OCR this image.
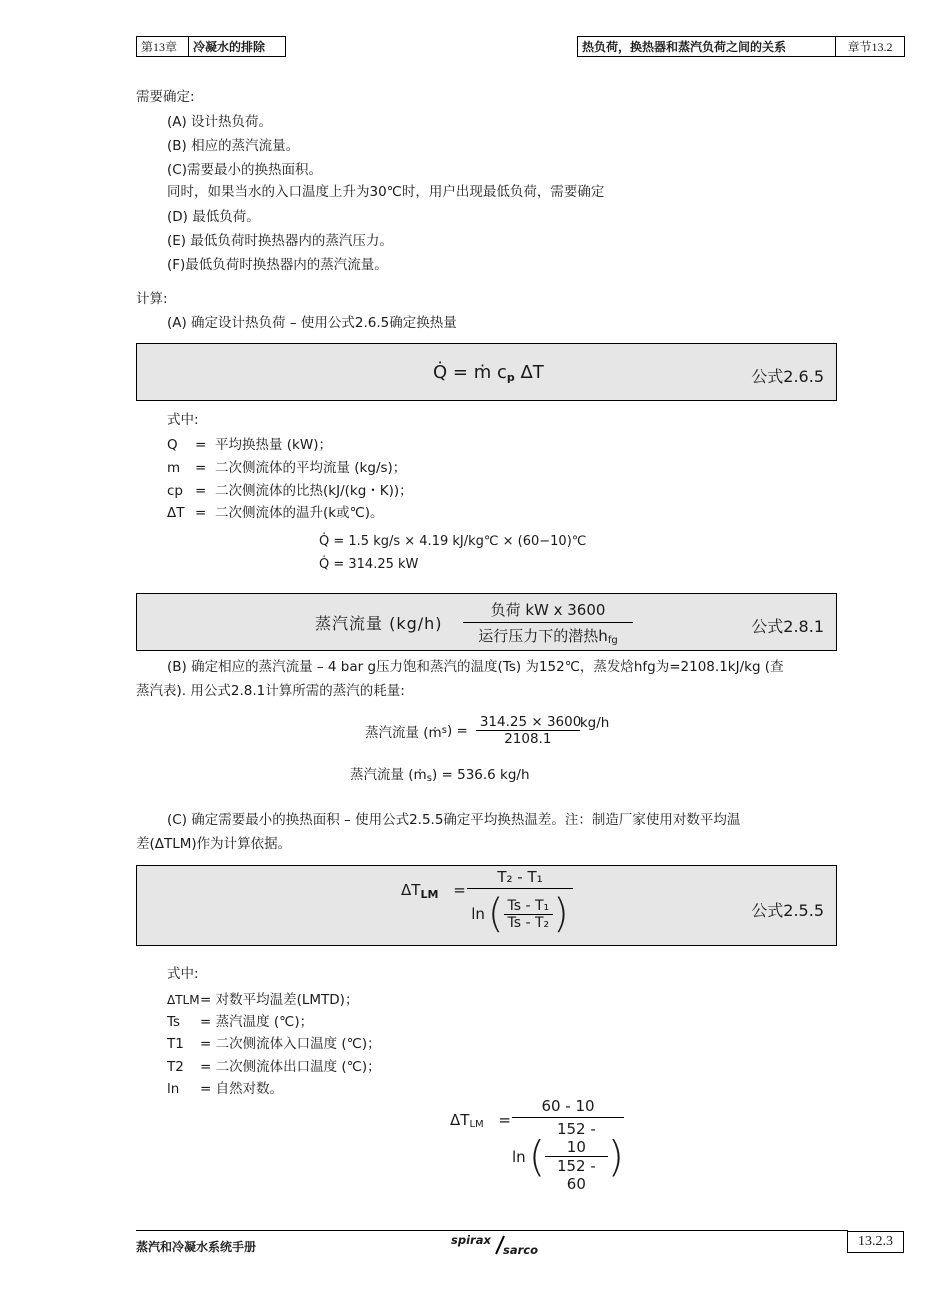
第13章	冷凝水的排除	热负荷，换热器和蒸汽负荷之间的关系	章节13.2
需要确定:
(A) 设计热负荷。
(B) 相应的蒸汽流量。
(C)需要最小的换热面积。
同时，如果当水的入口温度上升为30℃时，用户出现最低负荷，需要确定
(D) 最低负荷。
(E) 最低负荷时换热器内的蒸汽压力。
(F)最低负荷时换热器内的蒸汽流量。
计算:
(A) 确定设计热负荷 – 使用公式2.6.5确定换热量
Q̇ = ṁ cp ΔT	公式2.6.5
式中:
Q = 平均换热量 (kW)；
m = 二次侧流体的平均流量 (kg/s)；
cp = 二次侧流体的比热(kJ/(kg・K))；
ΔT = 二次侧流体的温升(k或℃)。
Q̇ = 1.5 kg/s × 4.19 kJ/kg℃ × (60−10)℃
Q̇ = 314.25 kW
蒸汽流量 (kg/h)
负荷 kW x 3600
运行压力下的潜热$h_{fg}$
公式2.8.1
(B) 确定相应的蒸汽流量 – 4 bar g压力饱和蒸汽的温度(Ts) 为152℃，蒸发焓hfg为=2108.1kJ/kg (查
蒸汽表). 用公式2.8.1计算所需的蒸汽的耗量:
蒸汽流量 (ṁ s ) = $\frac{314.25 \times 3600}{2108.1} kg/h$
蒸汽流量 (ṁ$_s$) = 536.6 kg/h
(C) 确定需要最小的换热面积 – 使用公式2.5.5确定平均换热温差。注：制造厂家使用对数平均温
差(ΔTLM)作为计算依据。
$\Delta T_{LM}$ =
T₂ - T₁
ln ( $\frac{\text{Ts - T₁}}{\text{Ts - T₂}}$ )	公式2.5.5
式中:
ΔTLM= 对数平均温差(LMTD)；
Ts = 蒸汽温度 (℃)；
T1 = 二次侧流体入口温度 (℃)；
T2 = 二次侧流体出口温度 (℃)；
ln = 自然对数。
$\Delta T_{LM} = \frac{60 - 10}{\ln ( \frac{152 - 10}{152 - 60} )}$
蒸汽和冷凝水系统手册	spirax
sarco
13.2.3
